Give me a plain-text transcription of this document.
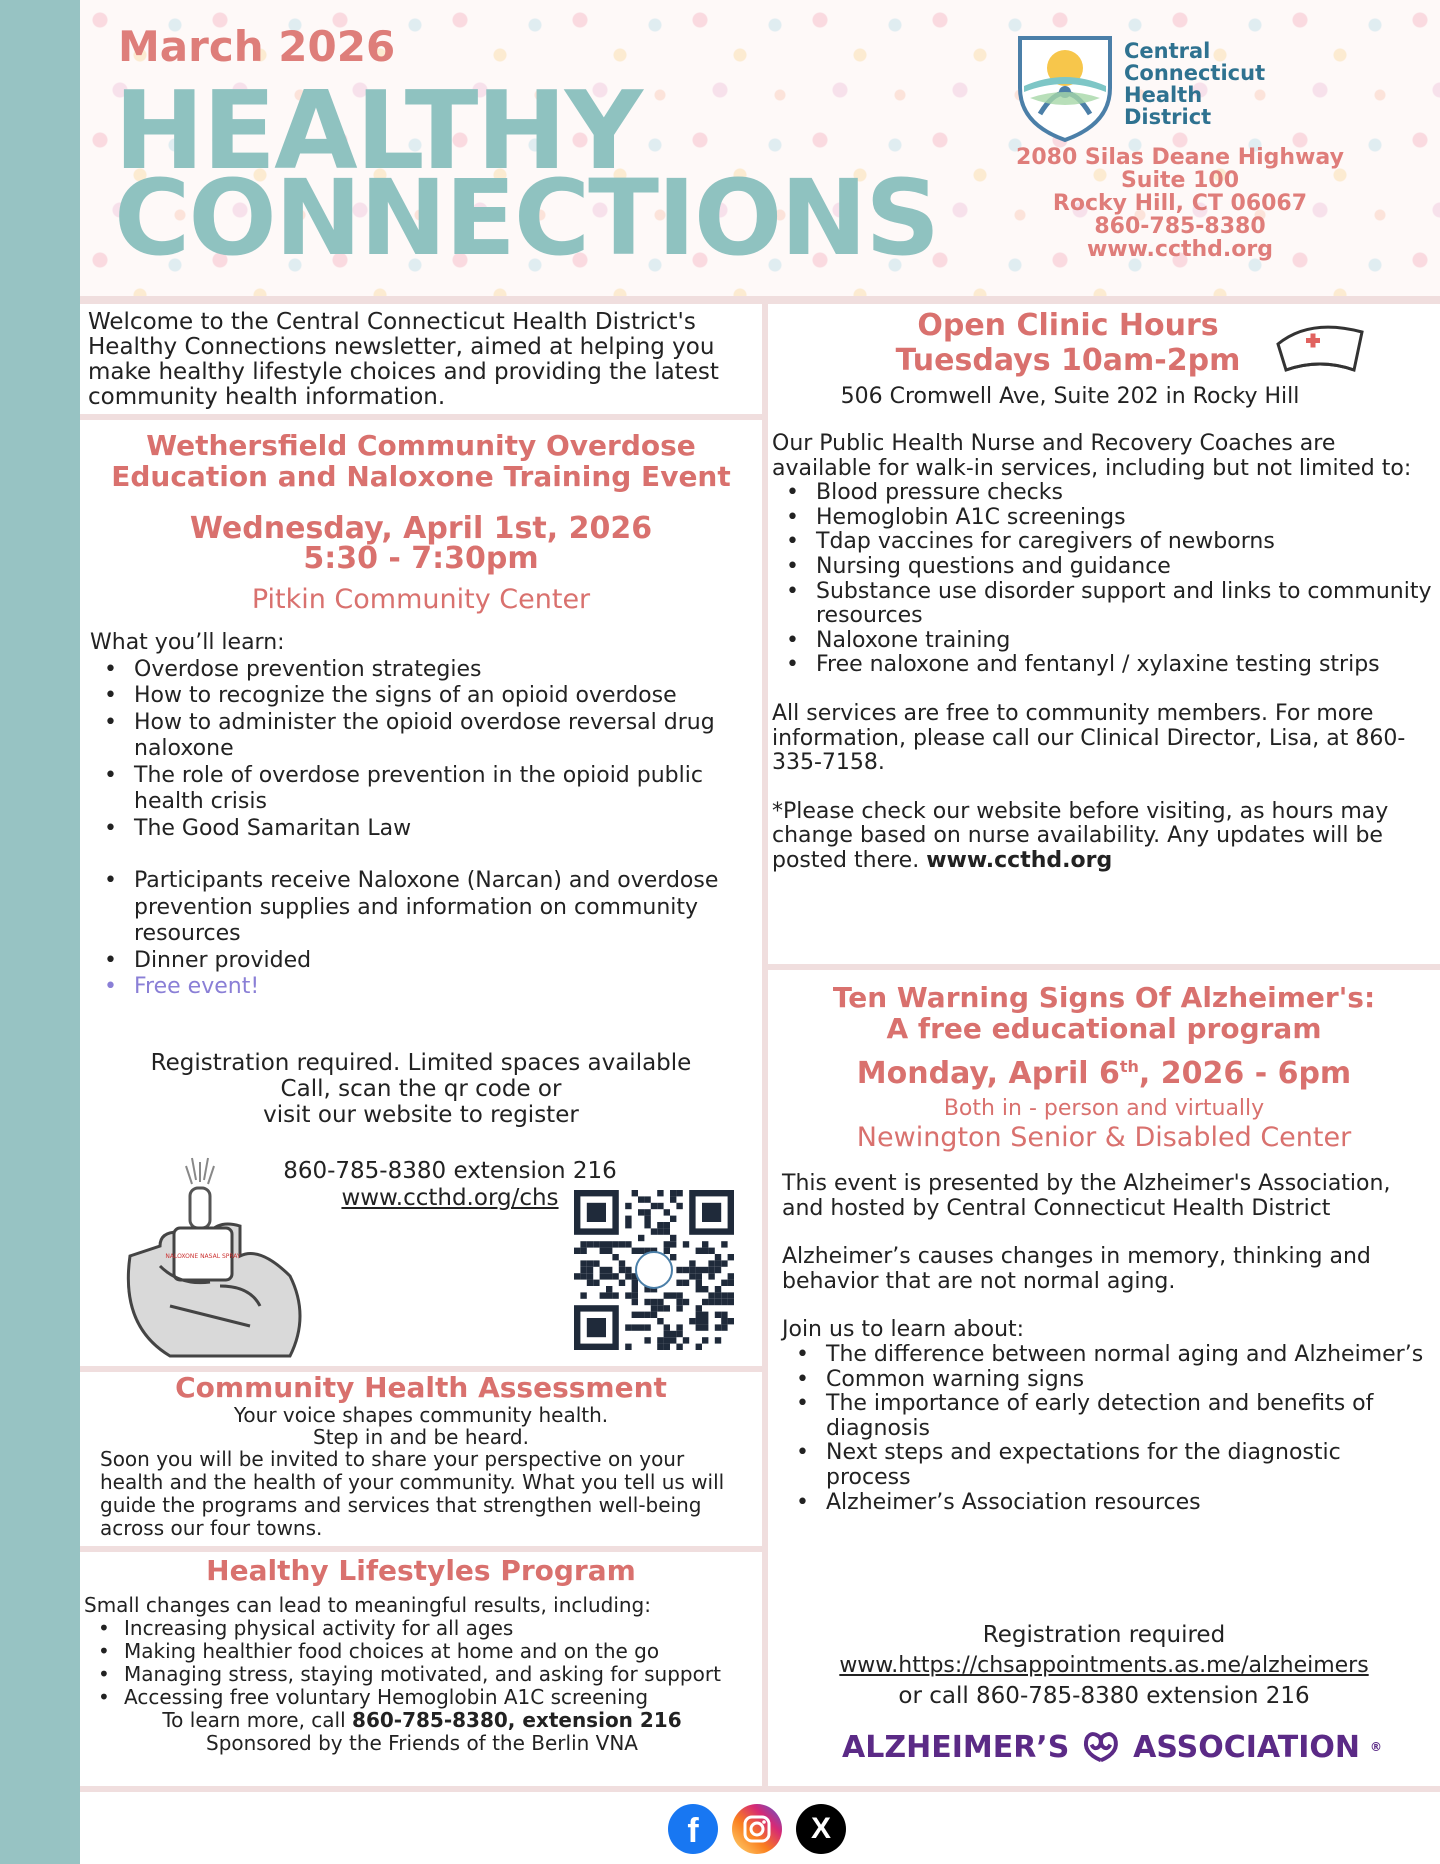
March 2026
HEALTHY
CONNECTIONS
Central
Connecticut
Health
District
2080 Silas Deane Highway
Suite 100
Rocky Hill, CT 06067
860-785-8380
www.ccthd.org

Welcome to the Central Connecticut Health District's Healthy Connections newsletter, aimed at helping you make healthy lifestyle choices and providing the latest community health information.

Wethersfield Community Overdose
Education and Naloxone Training Event
Wednesday, April 1st, 2026
5:30 - 7:30pm
Pitkin Community Center
What you’ll learn:
• Overdose prevention strategies
• How to recognize the signs of an opioid overdose
• How to administer the opioid overdose reversal drug naloxone
• The role of overdose prevention in the opioid public health crisis
• The Good Samaritan Law
• Participants receive Naloxone (Narcan) and overdose prevention supplies and information on community resources
• Dinner provided
• Free event!
Registration required. Limited spaces available
Call, scan the qr code or
visit our website to register
860-785-8380 extension 216
www.ccthd.org/chs
NALOXONE NASAL SPRAY
Community Health Assessment
Your voice shapes community health.
Step in and be heard.

Soon you will be invited to share your perspective on your health and the health of your community. What you tell us will guide the programs and services that strengthen well-being across our four towns.

Healthy Lifestyles Program
Small changes can lead to meaningful results, including:
• Increasing physical activity for all ages
• Making healthier food choices at home and on the go
• Managing stress, staying motivated, and asking for support
• Accessing free voluntary Hemoglobin A1C screening
To learn more, call 860-785-8380, extension 216
Sponsored by the Friends of the Berlin VNA
Open Clinic Hours
Tuesdays 10am-2pm
506 Cromwell Ave, Suite 202 in Rocky Hill

Our Public Health Nurse and Recovery Coaches are available for walk-in services, including but not limited to:

• Blood pressure checks
• Hemoglobin A1C screenings
• Tdap vaccines for caregivers of newborns
• Nursing questions and guidance
• Substance use disorder support and links to community resources
• Naloxone training
• Free naloxone and fentanyl / xylaxine testing strips

All services are free to community members. For more information, please call our Clinical Director, Lisa, at 860-335-7158.

*Please check our website before visiting, as hours may change based on nurse availability. Any updates will be posted there. www.ccthd.org

Ten Warning Signs Of Alzheimer's:
A free educational program
Monday, April 6th, 2026 - 6pm
Both in - person and virtually
Newington Senior & Disabled Center

This event is presented by the Alzheimer's Association, and hosted by Central Connecticut Health District

Alzheimer’s causes changes in memory, thinking and behavior that are not normal aging.

Join us to learn about:
• The difference between normal aging and Alzheimer’s
• Common warning signs
• The importance of early detection and benefits of diagnosis
• Next steps and expectations for the diagnostic process
• Alzheimer’s Association resources
Registration required
www.https://chsappointments.as.me/alzheimers
or call 860-785-8380 extension 216
ALZHEIMER’S ASSOCIATION ®
f	X
